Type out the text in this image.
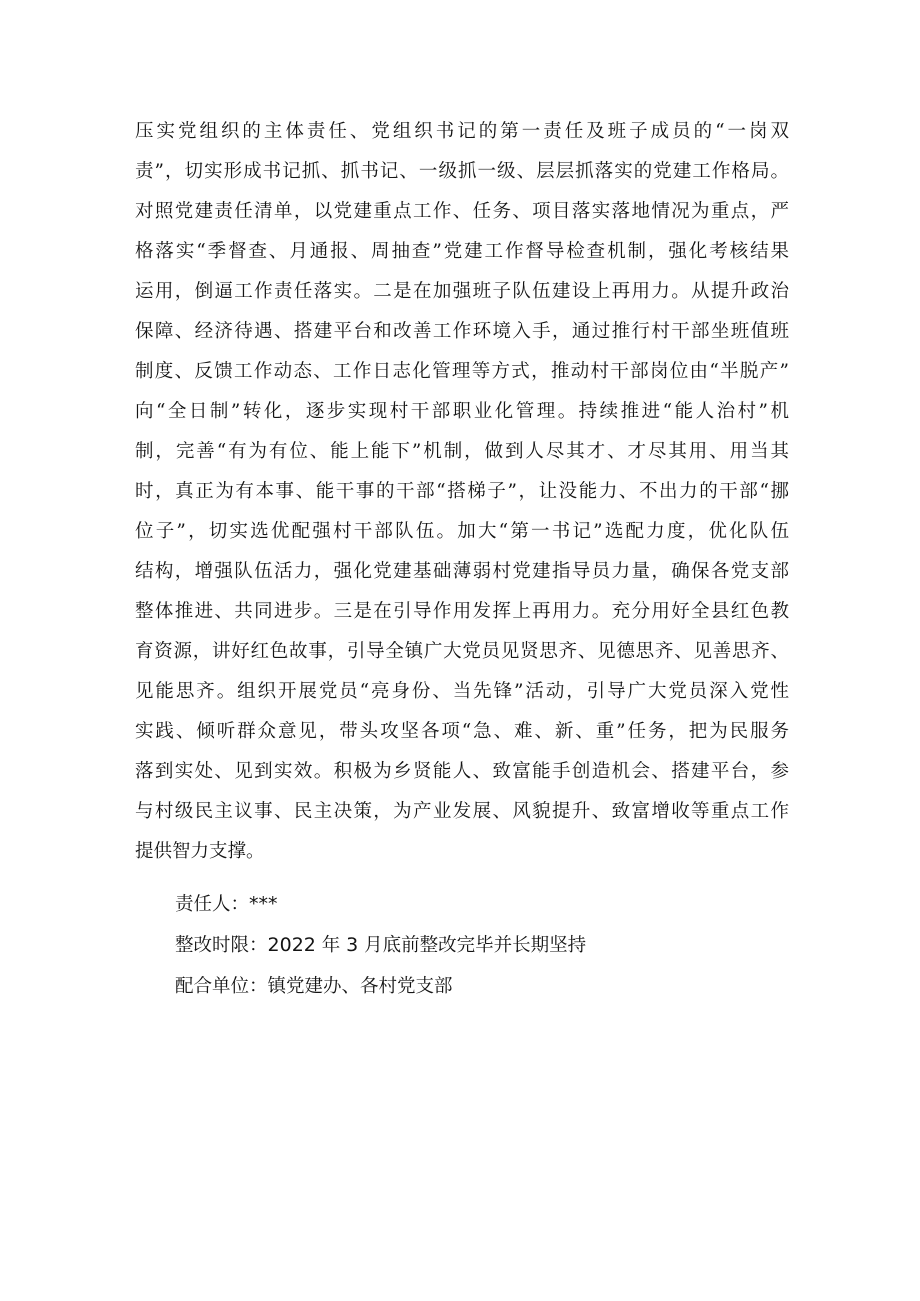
压实党组织的主体责任、党组织书记的第一责任及班子成员的“一岗双
责”，切实形成书记抓、抓书记、一级抓一级、层层抓落实的党建工作格局。
对照党建责任清单，以党建重点工作、任务、项目落实落地情况为重点，严
格落实“季督查、月通报、周抽查”党建工作督导检查机制，强化考核结果
运用，倒逼工作责任落实。二是在加强班子队伍建设上再用力。从提升政治
保障、经济待遇、搭建平台和改善工作环境入手，通过推行村干部坐班值班
制度、反馈工作动态、工作日志化管理等方式，推动村干部岗位由“半脱产”
向“全日制”转化，逐步实现村干部职业化管理。持续推进“能人治村”机
制，完善“有为有位、能上能下”机制，做到人尽其才、才尽其用、用当其
时，真正为有本事、能干事的干部“搭梯子”，让没能力、不出力的干部“挪
位子”，切实选优配强村干部队伍。加大“第一书记”选配力度，优化队伍
结构，增强队伍活力，强化党建基础薄弱村党建指导员力量，确保各党支部
整体推进、共同进步。三是在引导作用发挥上再用力。充分用好全县红色教
育资源，讲好红色故事，引导全镇广大党员见贤思齐、见德思齐、见善思齐、
见能思齐。组织开展党员“亮身份、当先锋”活动，引导广大党员深入党性
实践、倾听群众意见，带头攻坚各项“急、难、新、重”任务，把为民服务
落到实处、见到实效。积极为乡贤能人、致富能手创造机会、搭建平台，参
与村级民主议事、民主决策，为产业发展、风貌提升、致富增收等重点工作
提供智力支撑。
责任人：***
整改时限：2022 年 3 月底前整改完毕并长期坚持
配合单位：镇党建办、各村党支部
